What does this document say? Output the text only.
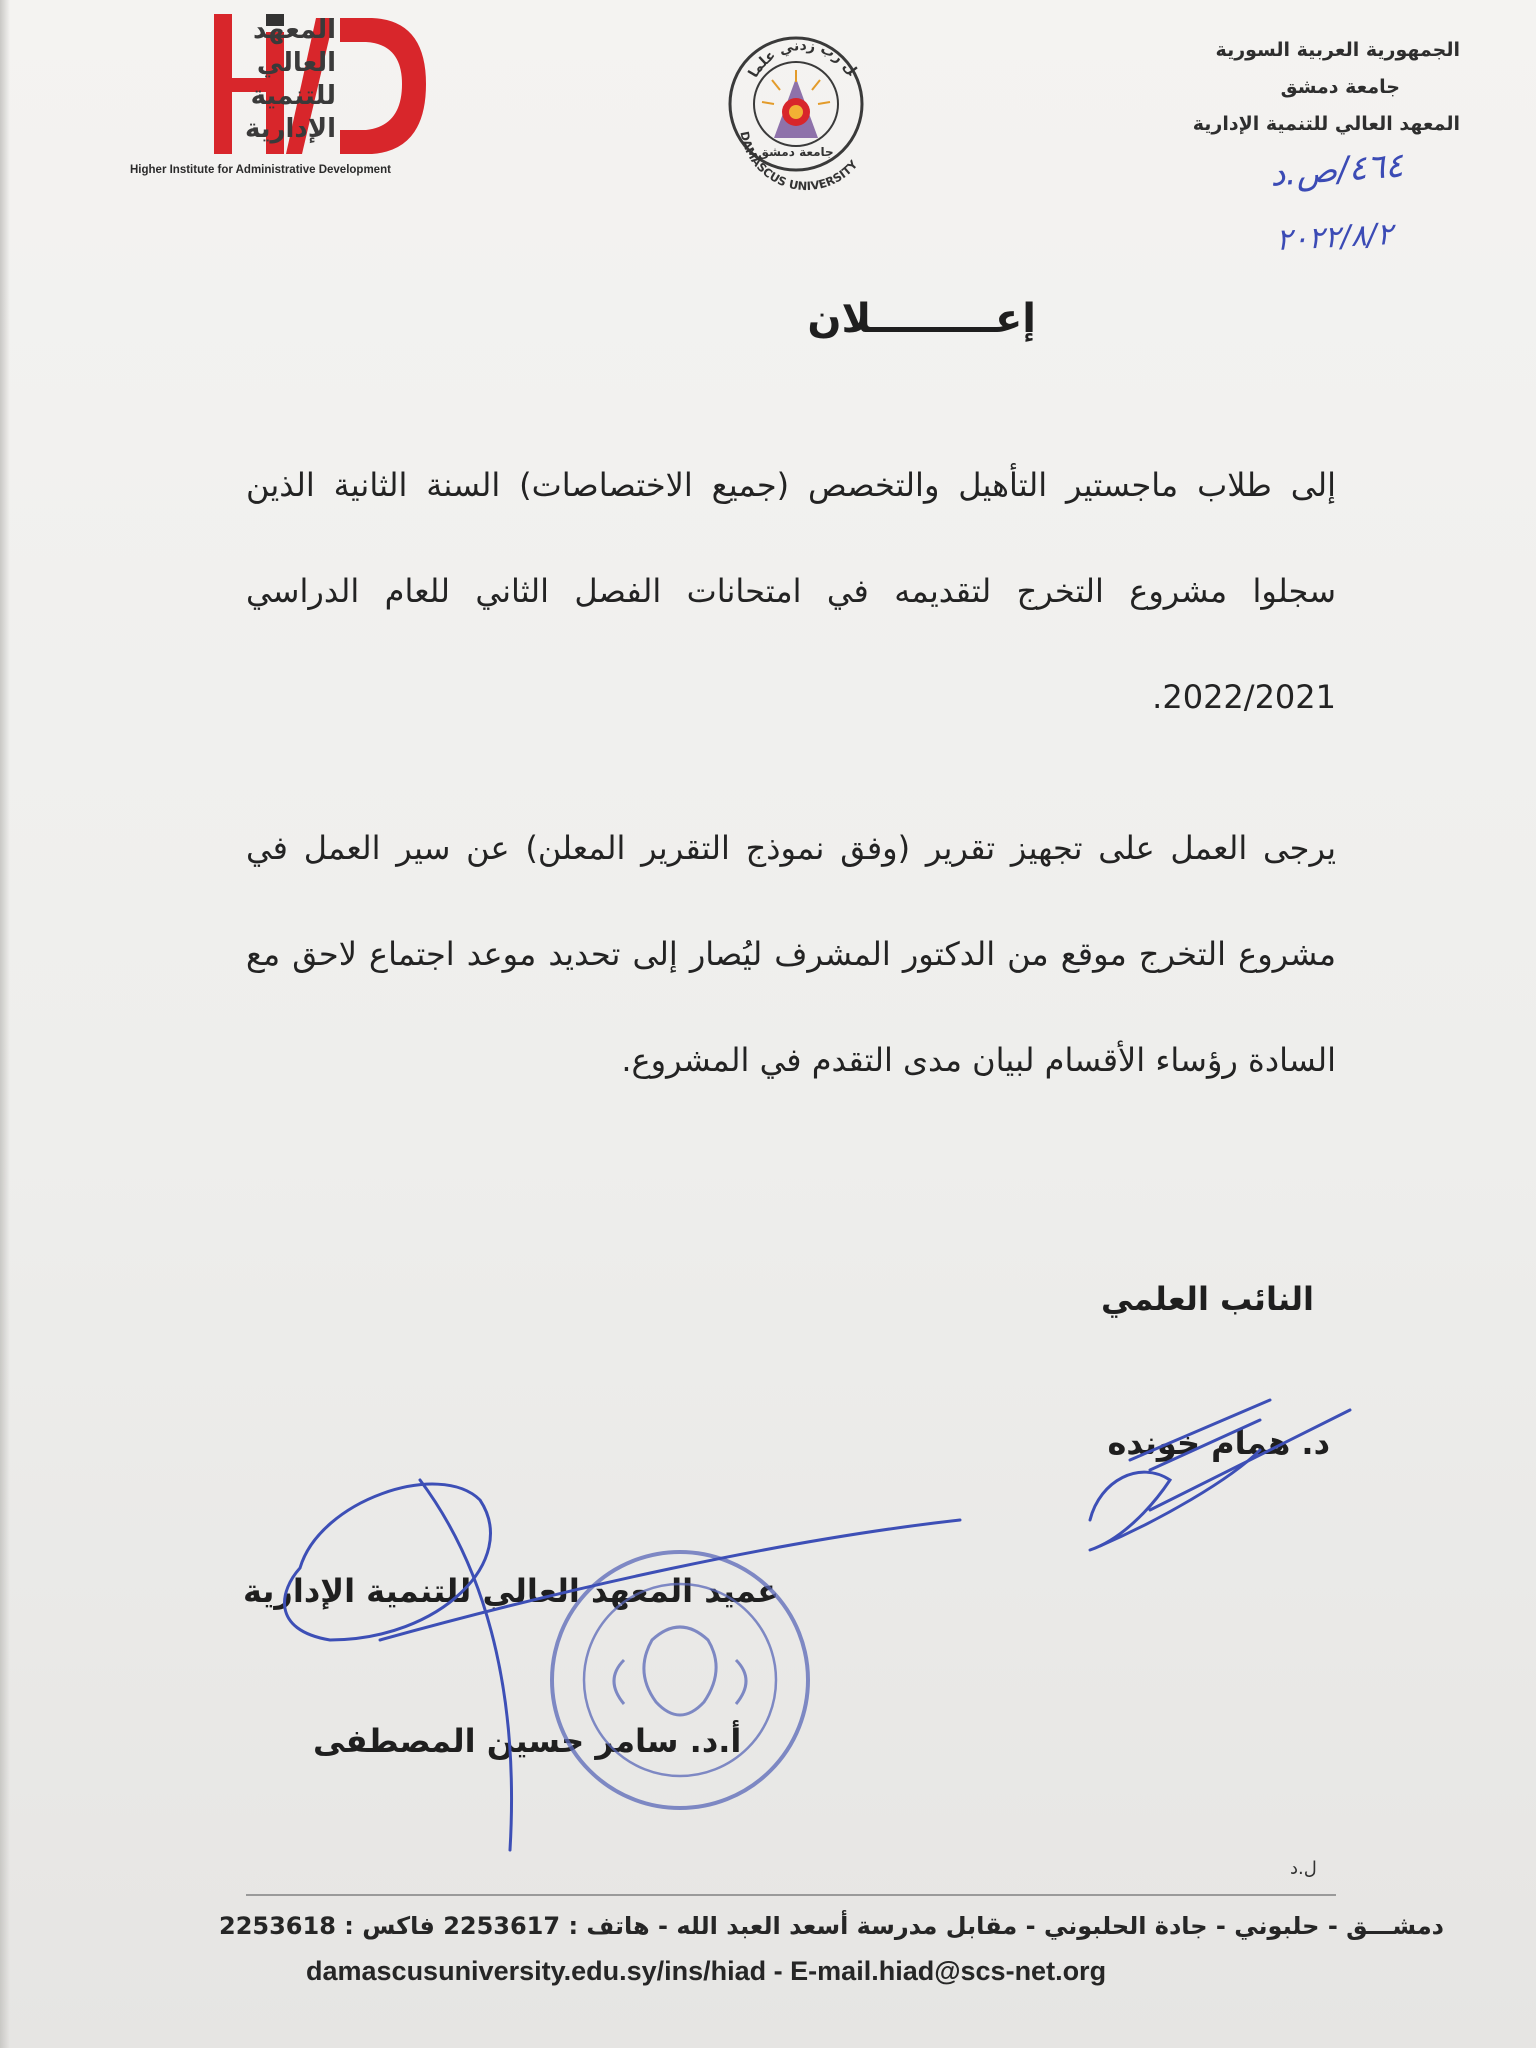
المعهد
العالي
للتنمية
الإدارية
Higher Institute for Administrative Development
ل رب زدني علما
DAMASCUS UNIVERSITY
جامعة دمشق
الجمهورية العربية السورية
جامعة دمشق
المعهد العالي للتنمية الإدارية
٤٦٤/ص.د
٢٠٢٢/٨/٢
إعـــــــــلان
إلى طلاب ماجستير التأهيل والتخصص (جميع الاختصاصات) السنة الثانية الذين سجلوا مشروع التخرج لتقديمه في امتحانات الفصل الثاني للعام الدراسي 2022/2021.
يرجى العمل على تجهيز تقرير (وفق نموذج التقرير المعلن) عن سير العمل في مشروع التخرج موقع من الدكتور المشرف ليُصار إلى تحديد موعد اجتماع لاحق مع السادة رؤساء الأقسام لبيان مدى التقدم في المشروع.
النائب العلمي
د. همام خونده
عميد المعهد العالي للتنمية الإدارية
أ.د. سامر حسين المصطفى
ل.د
دمشـــق - حلبوني - جادة الحلبوني - مقابل مدرسة أسعد العبد الله - هاتف : 2253617 فاكس : 2253618
damascusuniversity.edu.sy/ins/hiad - E-mail.hiad@scs-net.org
